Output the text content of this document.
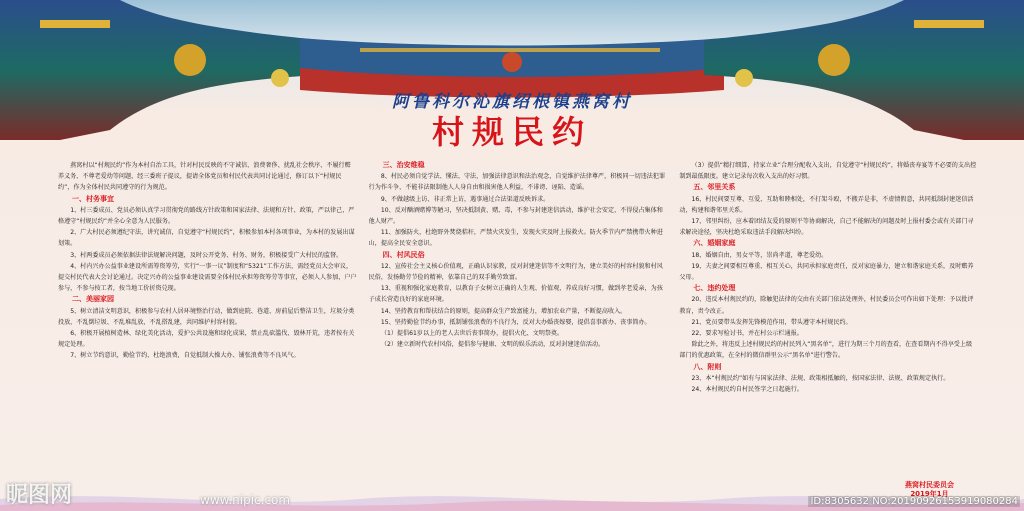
阿鲁科尔沁旗绍根镇燕窝村

村规民约

燕窝村以“村规民约”作为本村自治工具，针对村民反映的不守诚信、浪费奢侈、扰乱社会秩序、不履行赡养义务、不尊老爱幼等问题，经三委班子提议，提请全体党员和村民代表共同讨论通过，修订以下“村规民约”，作为全体村民共同遵守的行为规范。

一、村务事宜

1、村三委成员、党员必须认真学习贯彻党的路线方针政策和国家法律、法规和方针、政策，严以律己，严格遵守“村规民约”并全心全意为人民服务。

2、广大村民必须遵纪守法，讲究诚信，自觉遵守“村规民约”，积极参加本村各项事业，为本村的发展出谋划策。

3、村两委成员必须依据法律法规解决问题，及时公开党务、村务、财务，积极接受广大村民的监督。

4、村内兴办公益事业建设所需筹资筹劳，实行“一事一议”制度和“5321”工作方法，需经党员大会审议，提交村民代表大会讨论通过。决定兴办的公益事业建设需要全体村民承担筹资筹劳等事宜，必须人人参加，户户参与，不参与按工者，按当地工价折资兑现。

二、美丽家园

5、树立清洁文明意识，积极参与农村人居环境整治行动，做到庭院、巷道、房前屋后整洁卫生，垃圾分类投放，不乱倒垃圾、不乱堆乱放，不乱搭乱建，共同维护村容村貌。

6、积极开展植树造林、绿化美化活动，爱护公共设施和绿化成果，禁止乱砍滥伐、毁林开荒，违者按有关规定处理。

7、树立节约意识，勤俭节约、杜绝浪费，自觉抵制大操大办、铺张浪费等不良风气。

三、治安维稳

8、村民必须自觉学法、懂法、守法，加强法律意识和法治观念，自觉维护法律尊严，积极同一切违法犯罪行为作斗争，不能非法限制他人人身自由和损害他人利益，不诽谤、诬陷、造谣。

9、不做越级上访、非正常上访，遇事通过合法渠道反映诉求。

10、反对酗酒赌博等陋习，坚决抵制黄、赌、毒，不参与封建迷信活动，维护社会安定，不得侵占集体和他人财产。

11、加强防火，杜绝野外焚烧秸秆，严禁火灾发生，发现火灾及时上报救火。防火季节内严禁携带火种进山，提高全民安全意识。

四、村风民俗

12、宣传社会主义核心价值观，正确认识家教，反对封建迷信等不文明行为，建立美好的村容村貌和村风民俗，发扬勤劳节俭的精神，依靠自己的双手勤劳致富。

13、重视和强化家庭教育，以教育子女树立正确的人生观、价值观，养成良好习惯，做到孝老爱亲，为孩子成长营造良好的家庭环境。

14、坚持教育和帮扶结合的原则，提高群众生产致富能力，增加农业产量，不断提高收入。

15、坚持勤俭节约办事，抵制铺张浪费的不良行为，反对大办婚丧嫁娶，提倡喜事新办、丧事简办。

（1）提倡61岁以上的老人去世后丧事简办，提倡火化、文明祭奠。

（2）建立新时代农村风俗，提倡参与健康、文明的娱乐活动，反对封建迷信活动。

（3）提倡“精打细算，持家立业”合理分配收入支出，自觉遵守“村规民约”，将婚丧寿宴等不必要的支出控制到最低限度。建立记录每次收入支出的好习惯。

五、邻里关系

16、村民间要互尊、互爱、互助和睦相处，不打架斗殴，不搬弄是非，不虚情假意，共同抵制封建迷信活动，构建和谐邻里关系。

17、邻里纠纷，应本着团结友爱的原则平等协商解决，自己不能解决的问题及时上报村委会或有关部门寻求解决途径，坚决杜绝采取违法手段解决纠纷。

六、婚姻家庭

18、婚姻自由，男女平等，崇尚孝道，尊老爱幼。

19、夫妻之间要相互尊重、相互关心，共同承担家庭责任，反对家庭暴力，建立和谐家庭关系，及时赡养父母。

七、违约处理

20、违反本村规民约的，除触犯法律的交由有关部门依法处理外，村民委员会可作出如下处理：予以批评教育，责令改正。

21、党员要带头发挥先锋模范作用，带头遵守本村规民约。

22、要求写检讨书，并在村公示栏通报。

除此之外，将违反上述村规民约的村民列入“黑名单”，进行为期三个月的查看，在查看期内不得享受上级部门的优惠政策，在全村的微信群里公示“黑名单”进行警告。

八、附则

23、本“村规民约”如有与国家法律、法规、政策相抵触的，按国家法律、法规、政策规定执行。

24、本村规民约自村民签字之日起施行。

燕窝村民委员会
2019年1月
昵图网	www.nipic.com	ID:8305632 NO:20190926153919080284
